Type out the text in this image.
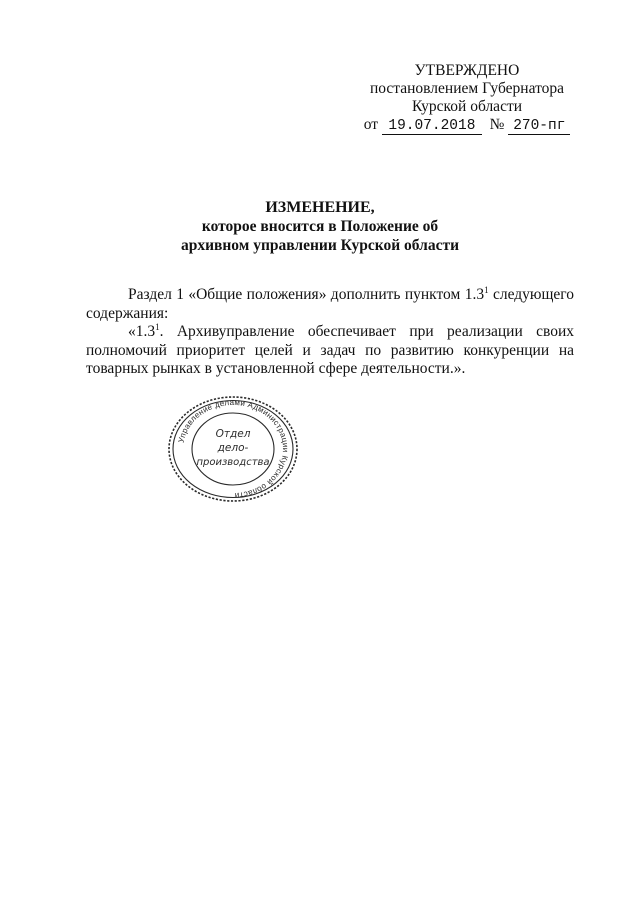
УТВЕРЖДЕНО
постановлением Губернатора
Курской области
от 19.07.2018 № 270-пг
ИЗМЕНЕНИЕ,
которое вносится в Положение об
архивном управлении Курской области

Раздел 1 «Общие положения» дополнить пунктом $1.3^1$ следующего содержания:

«$1.3^1$. Архивуправление обеспечивает при реализации своих полномочий приоритет целей и задач по развитию конкуренции на товарных рынках в установленной сфере деятельности.».

Управление делами Администрации Курской области
Отдел
дело-
производства
